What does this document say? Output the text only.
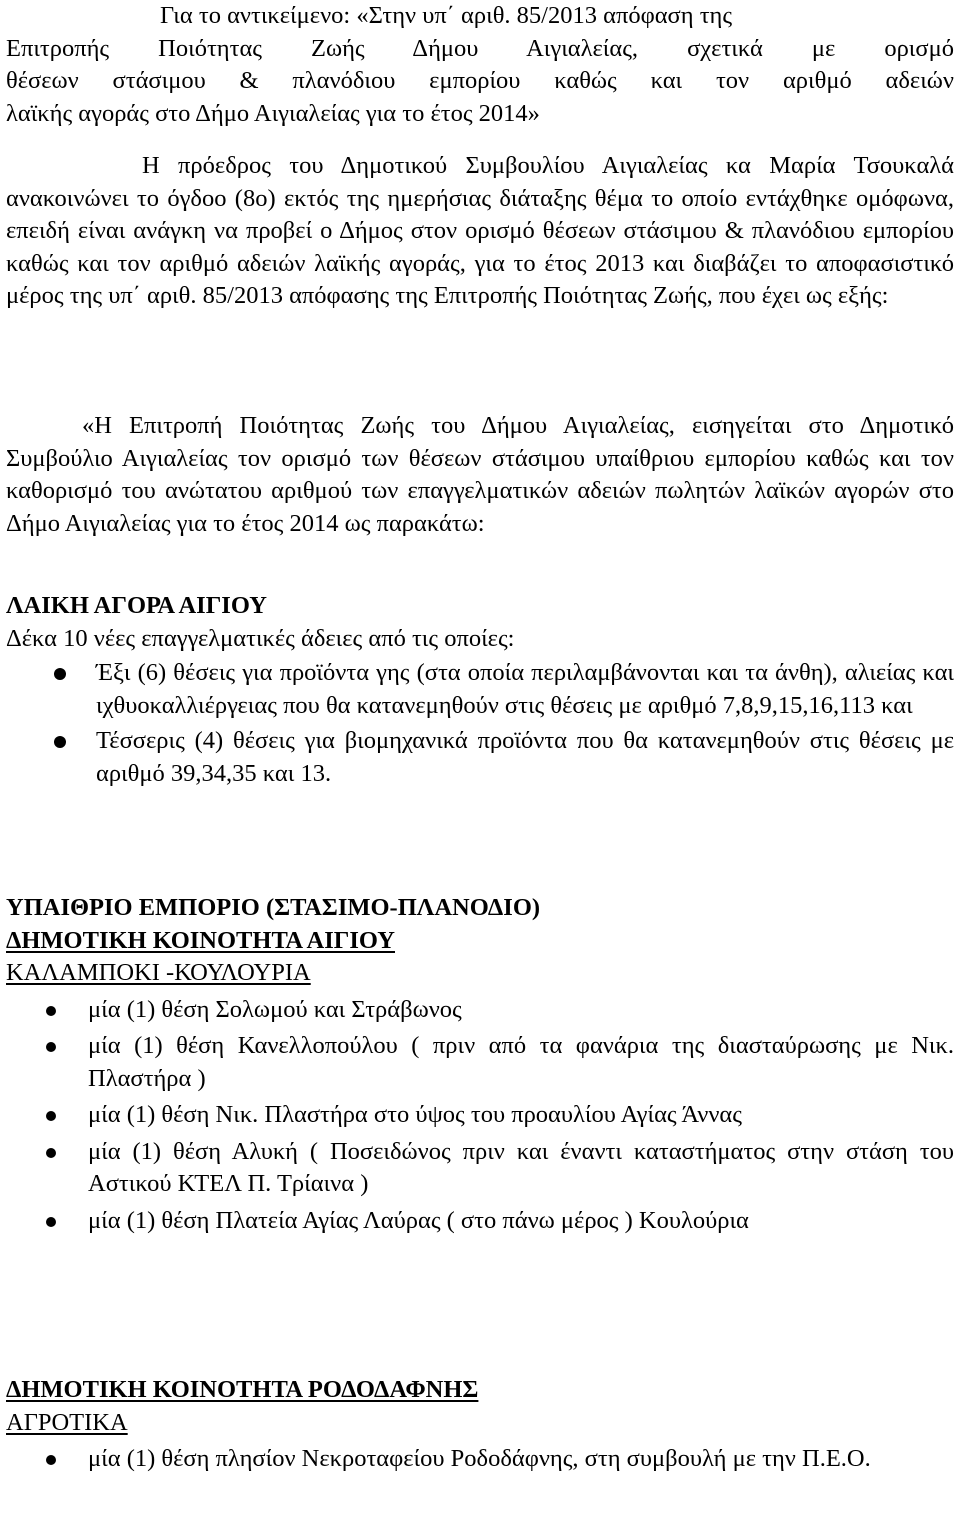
Για το αντικείμενο: «Στην υπ΄ αριθ. 85/2013 απόφαση της
Επιτροπής Ποιότητας Ζωής Δήμου Αιγιαλείας, σχετικά με ορισμό
θέσεων στάσιμου & πλανόδιου εμπορίου καθώς και τον αριθμό αδειών
λαϊκής αγοράς στο Δήμο Αιγιαλείας για το έτος 2014»

Η πρόεδρος του Δημοτικού Συμβουλίου Αιγιαλείας κα Μαρία Τσουκαλά ανακοινώνει το όγδοο (8ο) εκτός της ημερήσιας διάταξης θέμα το οποίο εντάχθηκε ομόφωνα, επειδή είναι ανάγκη να προβεί ο Δήμος στον ορισμό θέσεων στάσιμου & πλανόδιου εμπορίου καθώς και τον αριθμό αδειών λαϊκής αγοράς, για το έτος 2013 και διαβάζει το αποφασιστικό μέρος της υπ΄ αριθ. 85/2013 απόφασης της Επιτροπής Ποιότητας Ζωής, που έχει ως εξής:

«Η Επιτροπή Ποιότητας Ζωής του Δήμου Αιγιαλείας, εισηγείται στο Δημοτικό Συμβούλιο Αιγιαλείας τον ορισμό των θέσεων στάσιμου υπαίθριου εμπορίου καθώς και τον καθορισμό του ανώτατου αριθμού των επαγγελματικών αδειών πωλητών λαϊκών αγορών στο Δήμο Αιγιαλείας για το έτος 2014 ως παρακάτω:

ΛΑΙΚΗ ΑΓΟΡΑ ΑΙΓΙΟΥ
Δέκα 10 νέες επαγγελματικές άδειες από τις οποίες:
Έξι (6) θέσεις για προϊόντα γης (στα οποία περιλαμβάνονται και τα άνθη), αλιείας και ιχθυοκαλλιέργειας που θα κατανεμηθούν στις θέσεις με αριθμό 7,8,9,15,16,113 και
Τέσσερις (4) θέσεις για βιομηχανικά προϊόντα που θα κατανεμηθούν στις θέσεις με αριθμό 39,34,35 και 13.
ΥΠΑΙΘΡΙΟ ΕΜΠΟΡΙΟ (ΣΤΑΣΙΜΟ-ΠΛΑΝΟΔΙΟ)
ΔΗΜΟΤΙΚΗ ΚΟΙΝΟΤΗΤΑ ΑΙΓΙΟΥ
ΚΑΛΑΜΠΟΚΙ -ΚΟΥΛΟΥΡΙΑ
μία (1) θέση Σολωμού και Στράβωνος
μία (1) θέση Κανελλοπούλου ( πριν από τα φανάρια της διασταύρωσης με Νικ. Πλαστήρα )
μία (1) θέση Νικ. Πλαστήρα στο ύψος του προαυλίου Αγίας Άννας
μία (1) θέση Αλυκή ( Ποσειδώνος πριν και έναντι καταστήματος στην στάση του Αστικού ΚΤΕΛ Π. Τρίαινα )
μία (1) θέση Πλατεία Αγίας Λαύρας ( στο πάνω μέρος ) Κουλούρια
ΔΗΜΟΤΙΚΗ ΚΟΙΝΟΤΗΤΑ ΡΟΔΟΔΑΦΝΗΣ
ΑΓΡΟΤΙΚΑ
μία (1) θέση πλησίον Νεκροταφείου Ροδοδάφνης, στη συμβουλή με την Π.Ε.Ο.
